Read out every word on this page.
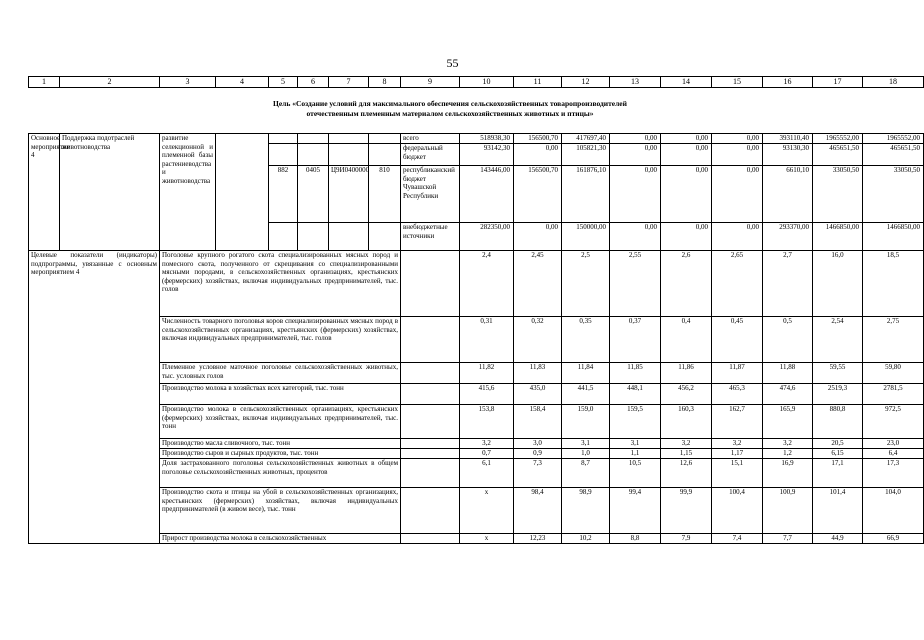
55
1	2	3	4	5	6	7	8	9	10	11	12	13	14	15	16	17	18
Цель «Создание условий для максимального обеспечения сельскохозяйственных товаропроизводителей
отечественным племенным материалом сельскохозяйственных животных и птицы»
Основное мероприятие 4	Поддержка подотраслей животноводства	развитие селекционной и племенной базы растениеводства и животноводства						всего	518938,30	156500,70	417697,40	0,00	0,00	0,00	393110,40	1965552,00	1965552,00
								федеральный бюджет	93142,30	0,00	105821,30	0,00	0,00	0,00	93130,30	465651,50	465651,50
				882	0405	Ц9И0400000	810	республиканский бюджет Чувашской Республики	143446,00	156500,70	161876,10	0,00	0,00	0,00	6610,10	33050,50	33050,50
								внебюджетные источники	282350,00	0,00	150000,00	0,00	0,00	0,00	293370,00	1466850,00	1466850,00
Целевые показатели (индикаторы) подпрограммы, увязанные с основным мероприятием 4		Поголовье крупного рогатого скота специализированных мясных пород и помесного скота, полученного от скрещивания со специализированными мясными породами, в сельскохозяйственных организациях, крестьянских (фермерских) хозяйствах, включая индивидуальных предпринимателей, тыс. голов							2,4	2,45	2,5	2,55	2,6	2,65	2,7	16,0	18,5
		Численность товарного поголовья коров специализированных мясных пород в сельскохозяйственных организациях, крестьянских (фермерских) хозяйствах, включая индивидуальных предпринимателей, тыс. голов							0,31	0,32	0,35	0,37	0,4	0,45	0,5	2,54	2,75
		Племенное условное маточное поголовье сельскохозяйственных животных, тыс. условных голов							11,82	11,83	11,84	11,85	11,86	11,87	11,88	59,55	59,80
		Производство молока в хозяйствах всех категорий, тыс. тонн							415,6	435,0	441,5	448,1	456,2	465,3	474,6	2519,3	2781,5
		Производство молока в сельскохозяйственных организациях, крестьянских (фермерских) хозяйствах, включая индивидуальных предпринимателей, тыс. тонн							153,8	158,4	159,0	159,5	160,3	162,7	165,9	880,8	972,5
		Производство масла сливочного, тыс. тонн							3,2	3,0	3,1	3,1	3,2	3,2	3,2	20,5	23,0
		Производство сыров и сырных продуктов, тыс. тонн							0,7	0,9	1,0	1,1	1,15	1,17	1,2	6,15	6,4
		Доля застрахованного поголовья сельскохозяйственных животных в общем поголовье сельскохозяйственных животных, процентов							6,1	7,3	8,7	10,5	12,6	15,1	16,9	17,1	17,3
		Производство скота и птицы на убой в сельскохозяйственных организациях, крестьянских (фермерских) хозяйствах, включая индивидуальных предпринимателей (в живом весе), тыс. тонн							х	98,4	98,9	99,4	99,9	100,4	100,9	101,4	104,0
		Прирост производства молока в сельскохозяйственных							х	12,23	10,2	8,8	7,9	7,4	7,7	44,9	66,9
